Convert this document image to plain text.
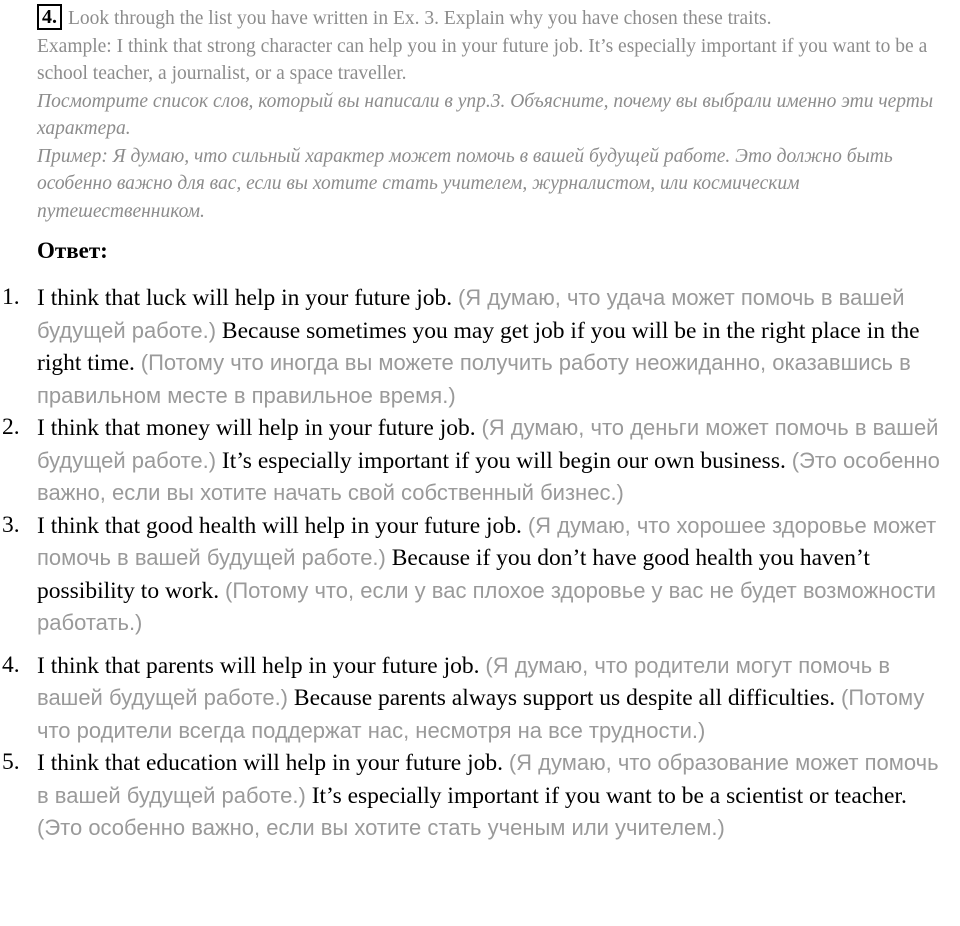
4. Look through the list you have written in Ex. 3. Explain why you have chosen these traits.
Example: I think that strong character can help you in your future job. It’s especially important if you want to be a school teacher, a journalist, or a space traveller.
Посмотрите список слов, который вы написали в упр.3. Объясните, почему вы выбрали именно эти черты характера.
Пример: Я думаю, что сильный характер может помочь в вашей будущей работе. Это должно быть особенно важно для вас, если вы хотите стать учителем, журналистом, или космическим путешественником.
Ответ:
1. I think that luck will help in your future job. (Я думаю, что удача может помочь в вашей будущей работе.) Because sometimes you may get job if you will be in the right place in the right time. (Потому что иногда вы можете получить работу неожиданно, оказавшись в правильном месте в правильное время.)
2. I think that money will help in your future job. (Я думаю, что деньги может помочь в вашей будущей работе.) It’s especially important if you will begin our own business. (Это особенно важно, если вы хотите начать свой собственный бизнес.)
3. I think that good health will help in your future job. (Я думаю, что хорошее здоровье может помочь в вашей будущей работе.) Because if you don’t have good health you haven’t possibility to work. (Потому что, если у вас плохое здоровье у вас не будет возможности работать.)
4. I think that parents will help in your future job. (Я думаю, что родители могут помочь в вашей будущей работе.) Because parents always support us despite all difficulties. (Потому что родители всегда поддержат нас, несмотря на все трудности.)
5. I think that education will help in your future job. (Я думаю, что образование может помочь в вашей будущей работе.) It’s especially important if you want to be a scientist or teacher. (Это особенно важно, если вы хотите стать ученым или учителем.)
